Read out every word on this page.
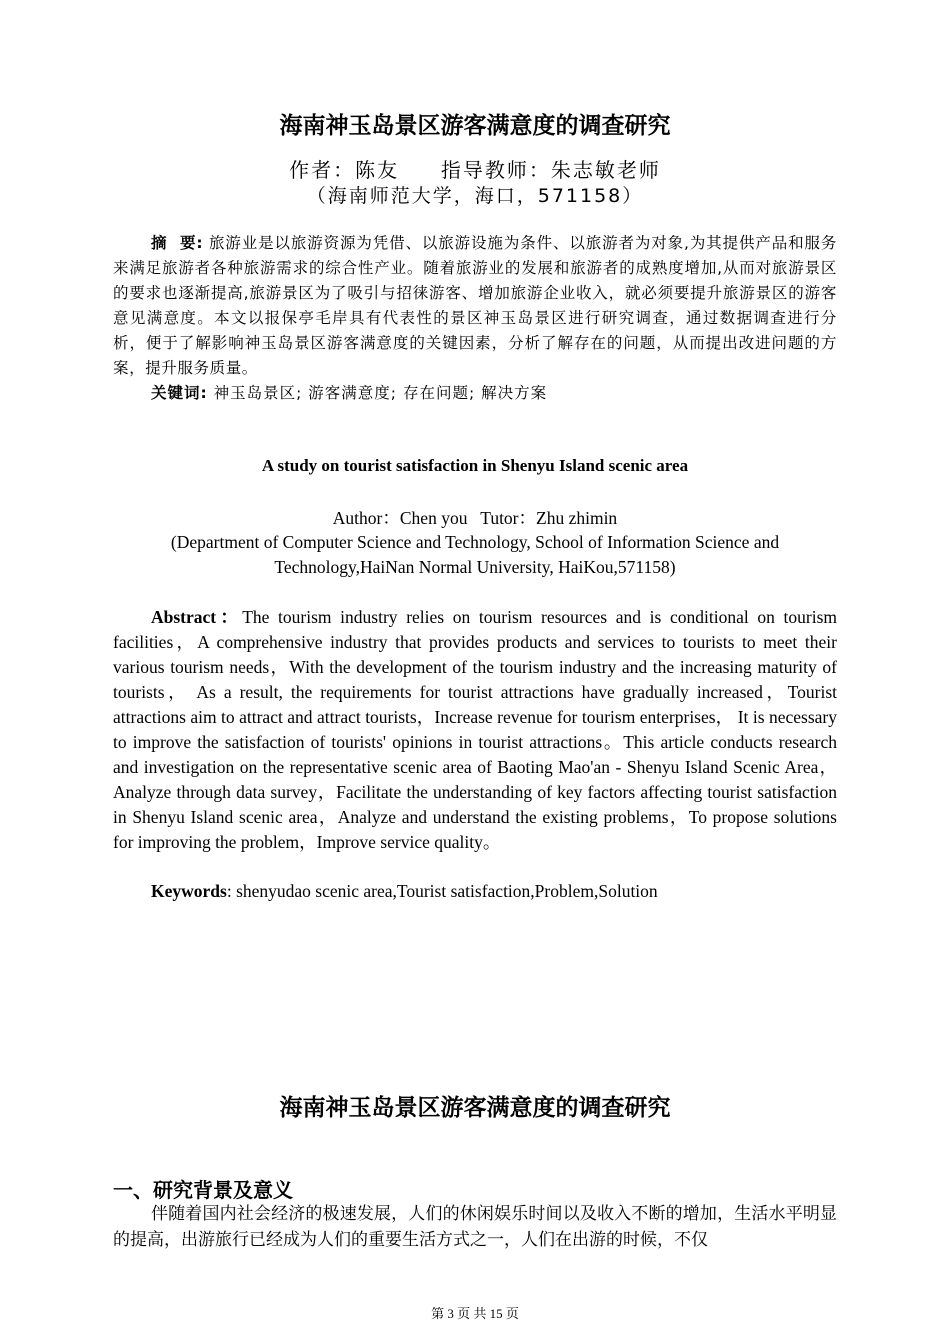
海南神玉岛景区游客满意度的调查研究
作者：陈友     指导教师：朱志敏老师
（海南师范大学，海口，571158）
摘  要: 旅游业是以旅游资源为凭借、以旅游设施为条件、以旅游者为对象,为其提供产品和服务来满足旅游者各种旅游需求的综合性产业。随着旅游业的发展和旅游者的成熟度增加,从而对旅游景区的要求也逐渐提高,旅游景区为了吸引与招徕游客、增加旅游企业收入，就必须要提升旅游景区的游客意见满意度。本文以报保亭毛岸具有代表性的景区神玉岛景区进行研究调查，通过数据调查进行分析，便于了解影响神玉岛景区游客满意度的关键因素，分析了解存在的问题，从而提出改进问题的方案，提升服务质量。
关键词: 神玉岛景区; 游客满意度; 存在问题; 解决方案
A study on tourist satisfaction in Shenyu Island scenic area
Author：Chen you   Tutor：Zhu zhimin
(Department of Computer Science and Technology, School of Information Science and Technology,HaiNan Normal University, HaiKou,571158)
Abstract：The tourism industry relies on tourism resources and is conditional on tourism facilities，A comprehensive industry that provides products and services to tourists to meet their various tourism needs，With the development of the tourism industry and the increasing maturity of tourists， As a result, the requirements for tourist attractions have gradually increased，Tourist attractions aim to attract and attract tourists，Increase revenue for tourism enterprises， It is necessary to improve the satisfaction of tourists' opinions in tourist attractions。This article conducts research and investigation on the representative scenic area of Baoting Mao'an - Shenyu Island Scenic Area，Analyze through data survey，Facilitate the understanding of key factors affecting tourist satisfaction in Shenyu Island scenic area，Analyze and understand the existing problems，To propose solutions for improving the problem，Improve service quality。
Keywords: shenyudao scenic area,Tourist satisfaction,Problem,Solution
海南神玉岛景区游客满意度的调查研究
一、研究背景及意义
伴随着国内社会经济的极速发展，人们的休闲娱乐时间以及收入不断的增加，生活水平明显的提高，出游旅行已经成为人们的重要生活方式之一，人们在出游的时候，不仅
第 3 页 共 15 页
